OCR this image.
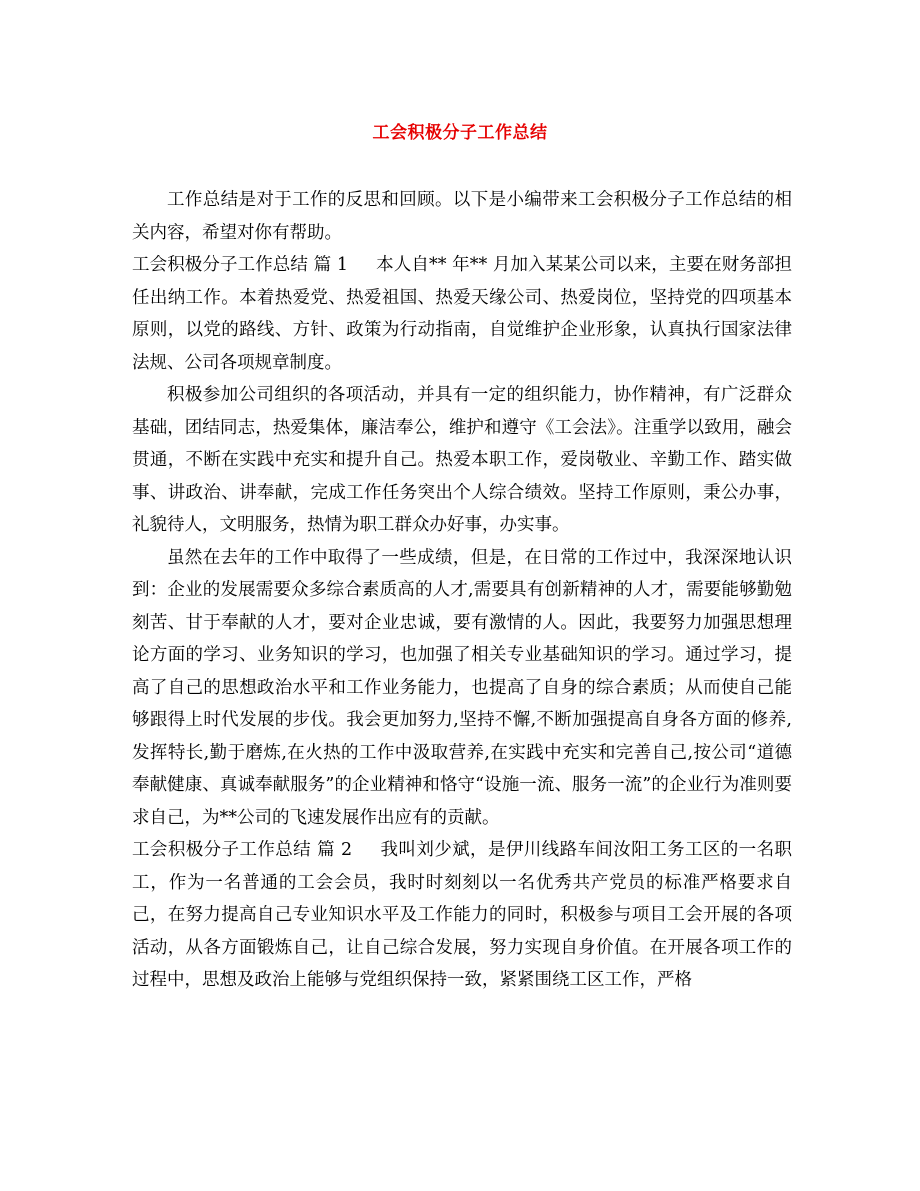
工会积极分子工作总结

工作总结是对于工作的反思和回顾。以下是小编带来工会积极分子工作总结的相关内容，希望对你有帮助。

工会积极分子工作总结 篇 1 本人自** 年** 月加入某某公司以来，主要在财务部担任出纳工作。本着热爱党、热爱祖国、热爱天缘公司、热爱岗位，坚持党的四项基本原则，以党的路线、方针、政策为行动指南，自觉维护企业形象，认真执行国家法律法规、公司各项规章制度。

积极参加公司组织的各项活动，并具有一定的组织能力，协作精神，有广泛群众基础，团结同志，热爱集体，廉洁奉公，维护和遵守《工会法》。注重学以致用，融会贯通，不断在实践中充实和提升自己。热爱本职工作，爱岗敬业、辛勤工作、踏实做事、讲政治、讲奉献，完成工作任务突出个人综合绩效。坚持工作原则，秉公办事，礼貌待人，文明服务，热情为职工群众办好事，办实事。

虽然在去年的工作中取得了一些成绩，但是，在日常的工作过中，我深深地认识到：企业的发展需要众多综合素质高的人才,需要具有创新精神的人才，需要能够勤勉刻苦、甘于奉献的人才，要对企业忠诚，要有激情的人。因此，我要努力加强思想理论方面的学习、业务知识的学习，也加强了相关专业基础知识的学习。通过学习，提高了自己的思想政治水平和工作业务能力，也提高了自身的综合素质；从而使自己能够跟得上时代发展的步伐。我会更加努力,坚持不懈,不断加强提高自身各方面的修养,发挥特长,勤于磨炼,在火热的工作中汲取营养,在实践中充实和完善自己,按公司“道德奉献健康、真诚奉献服务”的企业精神和恪守“设施一流、服务一流”的企业行为准则要求自己，为**公司的飞速发展作出应有的贡献。

工会积极分子工作总结 篇 2 我叫刘少斌，是伊川线路车间汝阳工务工区的一名职工，作为一名普通的工会会员，我时时刻刻以一名优秀共产党员的标准严格要求自己，在努力提高自己专业知识水平及工作能力的同时，积极参与项目工会开展的各项活动，从各方面锻炼自己，让自己综合发展，努力实现自身价值。在开展各项工作的过程中，思想及政治上能够与党组织保持一致，紧紧围绕工区工作，严格
